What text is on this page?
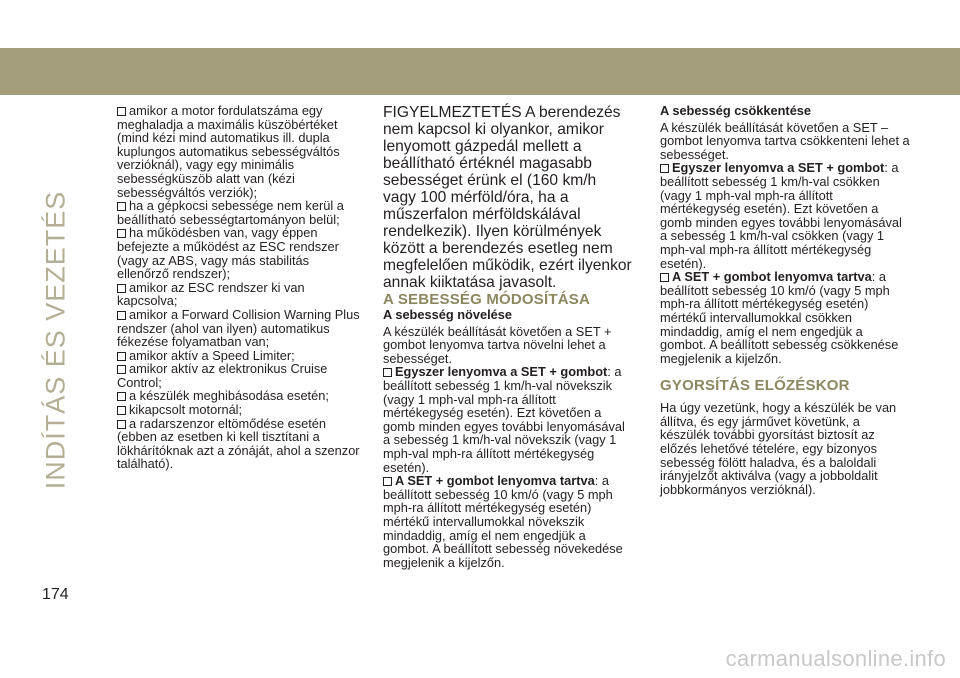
INDÍTÁS ÉS VEZETÉS

amikor a motor fordulatszáma egy meghaladja a maximális küszöbértéket (mind kézi mind automatikus ill. dupla kuplungos automatikus sebességváltós verzióknál), vagy egy minimális sebességküszöb alatt van (kézi sebességváltós verziók);

ha a gépkocsi sebessége nem kerül a beállítható sebességtartományon belül;

ha működésben van, vagy éppen befejezte a működést az ESC rendszer (vagy az ABS, vagy más stabilitás ellenőrző rendszer);

amikor az ESC rendszer ki van kapcsolva;

amikor a Forward Collision Warning Plus rendszer (ahol van ilyen) automatikus fékezése folyamatban van;

amikor aktív a Speed Limiter;

amikor aktív az elektronikus Cruise Control;

a készülék meghibásodása esetén;

kikapcsolt motornál;

a radarszenzor eltömődése esetén (ebben az esetben ki kell tisztítani a lökhárítóknak azt a zónáját, ahol a szenzor található).

FIGYELMEZTETÉS A berendezés nem kapcsol ki olyankor, amikor lenyomott gázpedál mellett a beállítható értéknél magasabb sebességet érünk el (160 km/h vagy 100 mérföld/óra, ha a műszerfalon mérföldskálával rendelkezik). Ilyen körülmények között a berendezés esetleg nem megfelelően működik, ezért ilyenkor annak kiiktatása javasolt.

A SEBESSÉG MÓDOSÍTÁSA

A sebesség növelése

A készülék beállítását követően a SET + gombot lenyomva tartva növelni lehet a sebességet.

Egyszer lenyomva a SET + gombot: a beállított sebesség 1 km/h-val növekszik (vagy 1 mph-val mph-ra állított mértékegység esetén). Ezt követően a gomb minden egyes további lenyomásával a sebesség 1 km/h-val növekszik (vagy 1 mph-val mph-ra állított mértékegység esetén).

A SET + gombot lenyomva tartva: a beállított sebesség 10 km/ó (vagy 5 mph mph-ra állított mértékegység esetén) mértékű intervallumokkal növekszik mindaddig, amíg el nem engedjük a gombot. A beállított sebesség növekedése megjelenik a kijelzőn.

A sebesség csökkentése

A készülék beállítását követően a SET – gombot lenyomva tartva csökkenteni lehet a sebességet.

Egyszer lenyomva a SET + gombot: a beállított sebesség 1 km/h-val csökken (vagy 1 mph-val mph-ra állított mértékegység esetén). Ezt követően a gomb minden egyes további lenyomásával a sebesség 1 km/h-val csökken (vagy 1 mph-val mph-ra állított mértékegység esetén).

A SET + gombot lenyomva tartva: a beállított sebesség 10 km/ó (vagy 5 mph mph-ra állított mértékegység esetén) mértékű intervallumokkal csökken mindaddig, amíg el nem engedjük a gombot. A beállított sebesség csökkenése megjelenik a kijelzőn.

GYORSÍTÁS ELŐZÉSKOR

Ha úgy vezetünk, hogy a készülék be van állítva, és egy járművet követünk, a készülék további gyorsítást biztosít az előzés lehetővé tételére, egy bizonyos sebesség fölött haladva, és a baloldali irányjelzőt aktiválva (vagy a jobboldalit jobbkormányos verzióknál).

174
carmanualsonline.info
